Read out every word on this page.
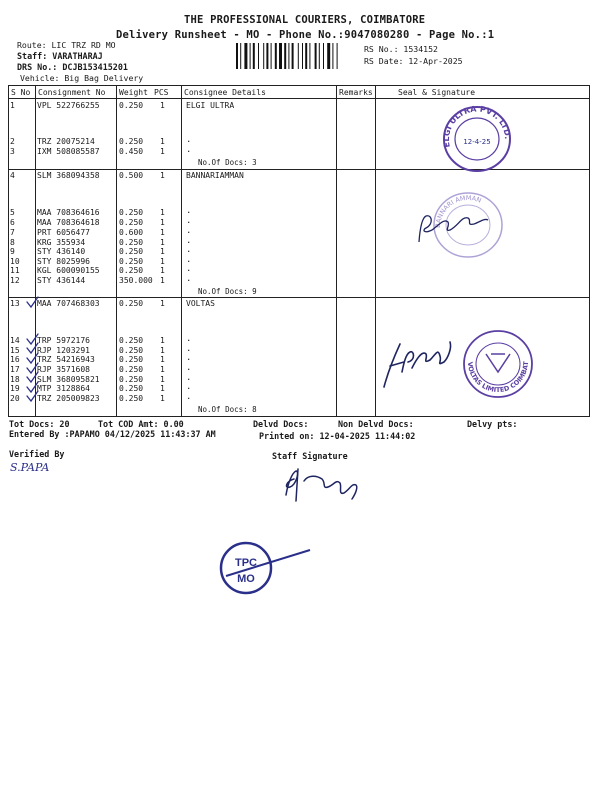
THE PROFESSIONAL COURIERS, COIMBATORE
Delivery Runsheet - MO - Phone No.:9047080280 - Page No.:1
Route: LIC TRZ RD MO
Staff: VARATHARAJ
DRS No.: DCJB153415201
Vehicle: Big Bag Delivery
RS No.: 1534152
RS Date: 12-Apr-2025
S No Consignment No Weight PCS Consignee Details	Remarks	Seal & Signature
1	VPL 522766255 0.250 1	ELGI ULTRA
2	TRZ 20075214	0.250 1 .
3	IXM 508085587 0.450 1 .
No.Of Docs: 3
4	SLM 368094358 0.500 1	BANNARIAMMAN
5	MAA 708364616 0.250 1 .
6	MAA 708364618 0.250 1 .
7	PRT 6056477	0.600 1 .
8	KRG 355934	0.250 1 .
9	STY 436140	0.250 1 .
10 STY 8025996	0.250 1 .
11 KGL 600090155 0.250 1 .
12 STY 436144	350.000 1 .
No.Of Docs: 9
13 MAA 707468303 0.250 1	VOLTAS
14 TRP 5972176	0.250 1 .
15 RJP 1203291	0.250 1 .
16 TRZ 54216943	0.250 1 .
17 RJP 3571608	0.250 1 .
18 SLM 368095821 0.250 1 .
19 MTP 3128864	0.250 1 .
20 TRZ 205009823 0.250 1 .
No.Of Docs: 8
ELGI ULTRA PVT. LTD.
12-4-25
BANNARI AMMAN
VOLTAS LIMITED COIMBATORE-641 012
Tot Docs: 20	Tot COD Amt: 0.00	Delvd Docs:	Non Delvd Docs:	Delvy pts:
Entered By :PAPAMO 04/12/2025 11:43:37 AM	Printed on: 12-04-2025 11:44:02
Verified By
S.PAPA
Staff Signature
TPC
MO
